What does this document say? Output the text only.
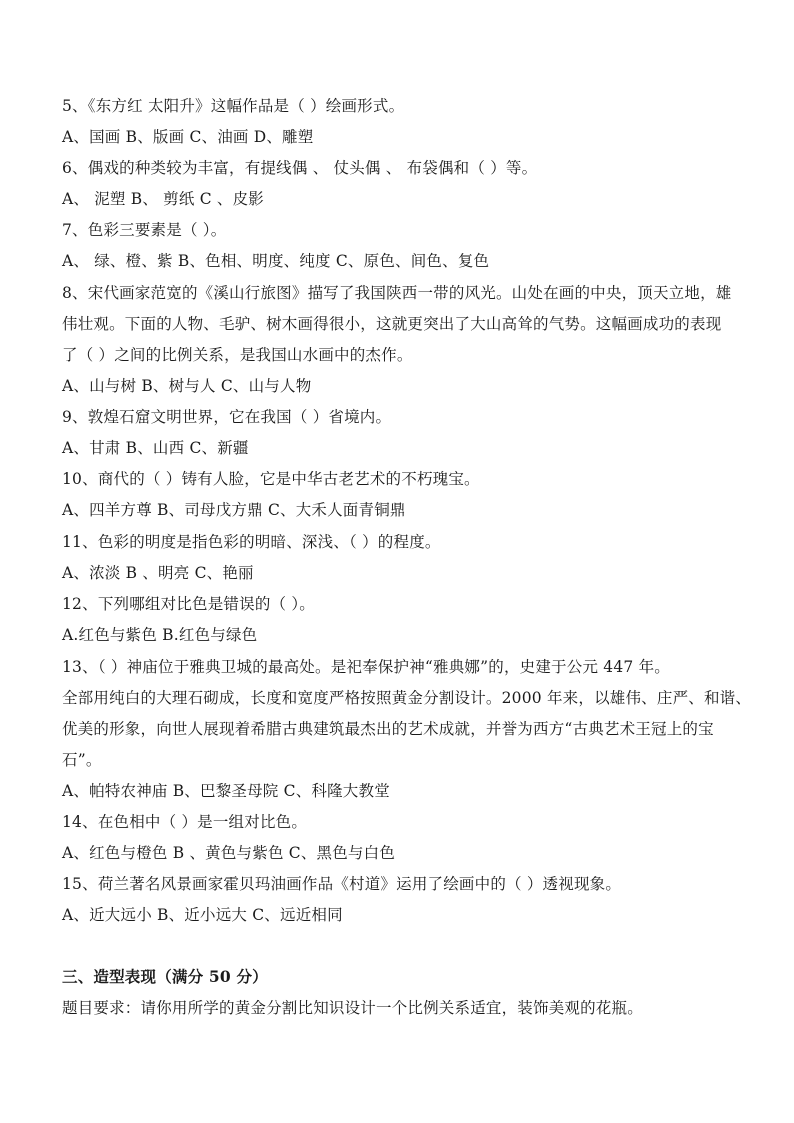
5、《东方红 太阳升》这幅作品是（ ）绘画形式。
A、国画 B、版画 C、油画 D、雕塑
6、偶戏的种类较为丰富，有提线偶 、 仗头偶 、 布袋偶和（ ）等。
A、 泥塑 B、 剪纸 C 、皮影
7、色彩三要素是（ ）。
A、 绿、橙、紫 B、色相、明度、纯度 C、原色、间色、复色
8、宋代画家范宽的《溪山行旅图》描写了我国陕西一带的风光。山处在画的中央，顶天立地，雄
伟壮观。下面的人物、毛驴、树木画得很小，这就更突出了大山高耸的气势。这幅画成功的表现
了（ ）之间的比例关系，是我国山水画中的杰作。
A、山与树 B、树与人 C、山与人物
9、敦煌石窟文明世界，它在我国（ ）省境内。
A、甘肃 B、山西 C、新疆
10、商代的（ ）铸有人脸，它是中华古老艺术的不朽瑰宝。
A、四羊方尊 B、司母戊方鼎 C、大禾人面青铜鼎
11、色彩的明度是指色彩的明暗、深浅、（ ）的程度。
A、浓淡 B 、明亮 C、艳丽
12、下列哪组对比色是错误的（ ）。
A.红色与紫色 B.红色与绿色
13、（ ）神庙位于雅典卫城的最高处。是祀奉保护神“雅典娜”的，史建于公元 447 年。
全部用纯白的大理石砌成，长度和宽度严格按照黄金分割设计。2000 年来，以雄伟、庄严、和谐、
优美的形象，向世人展现着希腊古典建筑最杰出的艺术成就，并誉为西方“古典艺术王冠上的宝
石”。
A、帕特农神庙 B、巴黎圣母院 C、科隆大教堂
14、在色相中（ ）是一组对比色。
A、红色与橙色 B 、黄色与紫色 C、黑色与白色
15、荷兰著名风景画家霍贝玛油画作品《村道》运用了绘画中的（ ）透视现象。
A、近大远小 B、近小远大 C、远近相同
三、造型表现（满分 50 分）
题目要求：请你用所学的黄金分割比知识设计一个比例关系适宜，装饰美观的花瓶。
